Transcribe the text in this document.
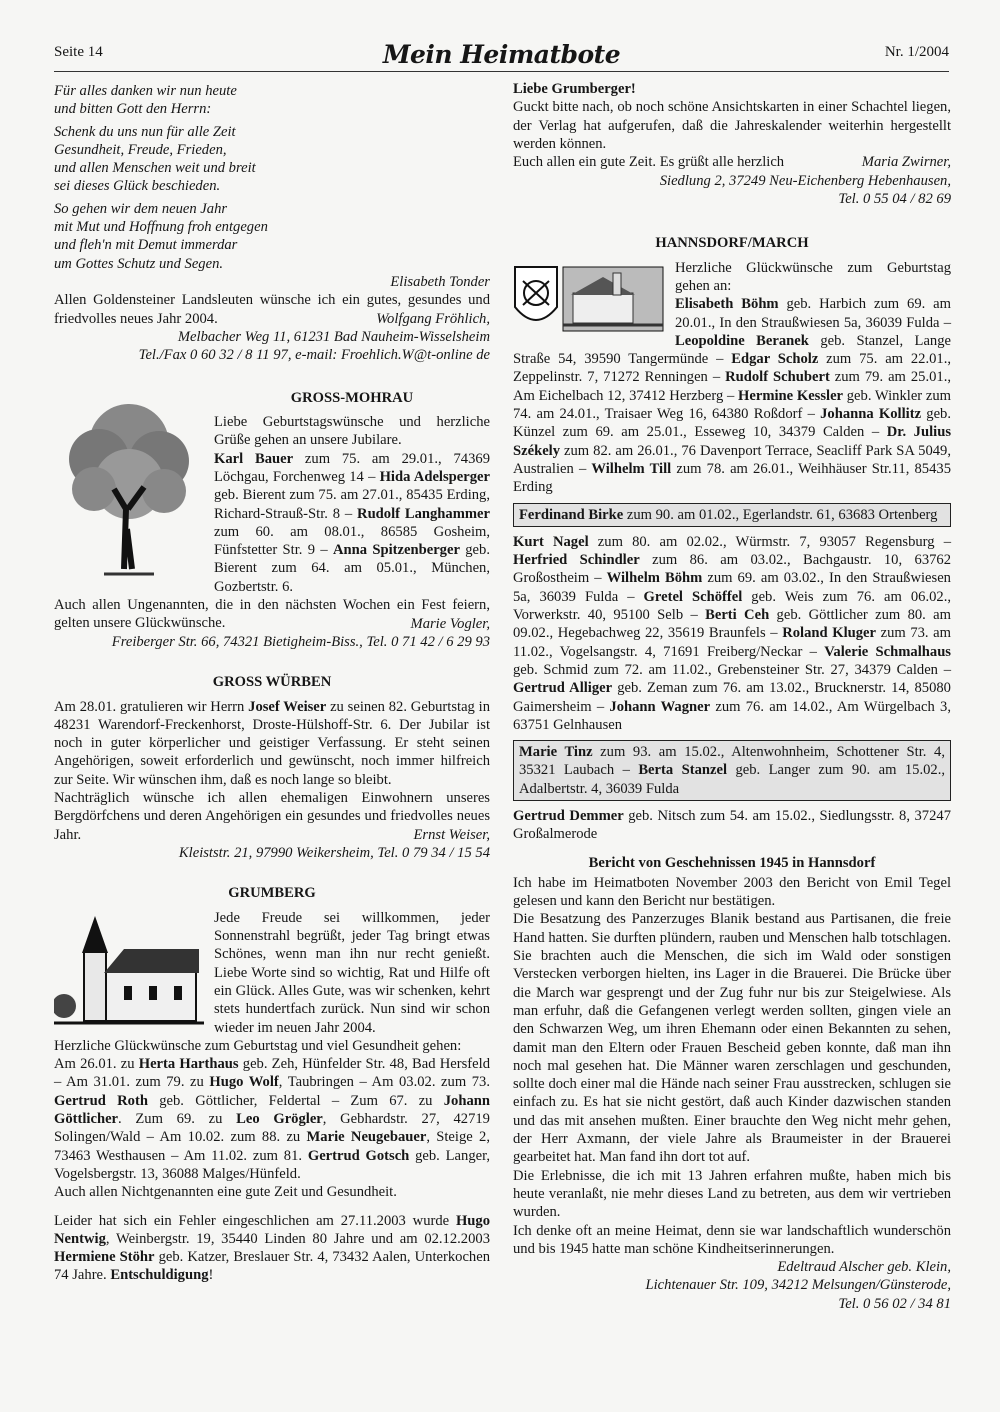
Seite 14	Mein Heimatbote	Nr. 1/2004
Für alles danken wir nun heute
und bitten Gott den Herrn:
Schenk du uns nun für alle Zeit
Gesundheit, Freude, Frieden,
und allen Menschen weit und breit
sei dieses Glück beschieden.
So gehen wir dem neuen Jahr
mit Mut und Hoffnung froh entgegen
und fleh'n mit Demut immerdar
um Gottes Schutz und Segen.

Elisabeth Tonder

Allen Goldensteiner Landsleuten wünsche ich ein gutes, gesundes und friedvolles neues Jahr 2004.	Wolfgang Fröhlich,

Melbacher Weg 11, 61231 Bad Nauheim-Wisselsheim

Tel./Fax 0 60 32 / 8 11 97, e-mail: Froehlich.W@t-online de

GROSS-MOHRAU

Liebe Geburtstagswünsche und herzliche Grüße gehen an unsere Jubilare.

Karl Bauer zum 75. am 29.01., 74369 Löchgau, Forchenweg 14 – Hida Adelsperger geb. Bierent zum 75. am 27.01., 85435 Erding, Richard-Strauß-Str. 8 – Rudolf Langhammer zum 60. am 08.01., 86585 Gosheim, Fünfstetter Str. 9 – Anna Spitzenberger geb. Bierent zum 64. am 05.01., München, Gozbertstr. 6.

Auch allen Ungenannten, die in den nächsten Wochen ein Fest feiern, gelten unsere Glückwünsche.	Marie Vogler,

Freiberger Str. 66, 74321 Bietigheim-Biss., Tel. 0 71 42 / 6 29 93

GROSS WÜRBEN

Am 28.01. gratulieren wir Herrn Josef Weiser zu seinen 82. Geburtstag in 48231 Warendorf-Freckenhorst, Droste-Hülshoff-Str. 6. Der Jubilar ist noch in guter körperlicher und geistiger Verfassung. Er steht seinen Angehörigen, soweit erforderlich und gewünscht, noch immer hilfreich zur Seite. Wir wünschen ihm, daß es noch lange so bleibt.

Nachträglich wünsche ich allen ehemaligen Einwohnern unseres Bergdörfchens und deren Angehörigen ein gesundes und friedvolles neues Jahr.	Ernst Weiser,

Kleiststr. 21, 97990 Weikersheim, Tel. 0 79 34 / 15 54

GRUMBERG

Jede Freude sei willkommen, jeder Sonnenstrahl begrüßt, jeder Tag bringt etwas Schönes, wenn man ihn nur recht genießt. Liebe Worte sind so wichtig, Rat und Hilfe oft ein Glück. Alles Gute, was wir schenken, kehrt stets hundertfach zurück. Nun sind wir schon wieder im neuen Jahr 2004.

Herzliche Glückwünsche zum Geburtstag und viel Gesundheit gehen:

Am 26.01. zu Herta Harthaus geb. Zeh, Hünfelder Str. 48, Bad Hersfeld – Am 31.01. zum 79. zu Hugo Wolf, Taubringen – Am 03.02. zum 73. Gertrud Roth geb. Göttlicher, Feldertal – Zum 67. zu Johann Göttlicher. Zum 69. zu Leo Grögler, Gebhardstr. 27, 42719 Solingen/Wald – Am 10.02. zum 88. zu Marie Neugebauer, Steige 2, 73463 Westhausen – Am 11.02. zum 81. Gertrud Gotsch geb. Langer, Vogelsbergstr. 13, 36088 Malges/Hünfeld.

Auch allen Nichtgenannten eine gute Zeit und Gesundheit.

Leider hat sich ein Fehler eingeschlichen am 27.11.2003 wurde Hugo Nentwig, Weinbergstr. 19, 35440 Linden 80 Jahre und am 02.12.2003 Hermiene Stöhr geb. Katzer, Breslauer Str. 4, 73432 Aalen, Unterkochen 74 Jahre. Entschuldigung!

Liebe Grumberger!

Guckt bitte nach, ob noch schöne Ansichtskarten in einer Schachtel liegen, der Verlag hat aufgerufen, daß die Jahreskalender weiterhin hergestellt werden können.

Euch allen ein gute Zeit. Es grüßt alle herzlich	Maria Zwirner,

Siedlung 2, 37249 Neu-Eichenberg Hebenhausen,

Tel. 0 55 04 / 82 69

HANNSDORF/MARCH

Herzliche Glückwünsche zum Geburtstag gehen an:

Elisabeth Böhm geb. Harbich zum 69. am 20.01., In den Straußwiesen 5a, 36039 Fulda – Leopoldine Beranek geb. Stanzel, Lange Straße 54, 39590 Tangermünde – Edgar Scholz zum 75. am 22.01., Zeppelinstr. 7, 71272 Renningen – Rudolf Schubert zum 79. am 25.01., Am Eichelbach 12, 37412 Herzberg – Hermine Kessler geb. Winkler zum 74. am 24.01., Traisaer Weg 16, 64380 Roßdorf – Johanna Kollitz geb. Künzel zum 69. am 25.01., Esseweg 10, 34379 Calden – Dr. Julius Székely zum 82. am 26.01., 76 Davenport Terrace, Seacliff Park SA 5049, Australien – Wilhelm Till zum 78. am 26.01., Weihhäuser Str.11, 85435 Erding

Ferdinand Birke zum 90. am 01.02., Egerlandstr. 61, 63683 Ortenberg

Kurt Nagel zum 80. am 02.02., Würmstr. 7, 93057 Regensburg – Herfried Schindler zum 86. am 03.02., Bachgaustr. 10, 63762 Großostheim – Wilhelm Böhm zum 69. am 03.02., In den Straußwiesen 5a, 36039 Fulda – Gretel Schöffel geb. Weis zum 76. am 06.02., Vorwerkstr. 40, 95100 Selb – Berti Ceh geb. Göttlicher zum 80. am 09.02., Hegebachweg 22, 35619 Braunfels – Roland Kluger zum 73. am 11.02., Vogelsangstr. 4, 71691 Freiberg/Neckar – Valerie Schmalhaus geb. Schmid zum 72. am 11.02., Grebensteiner Str. 27, 34379 Calden – Gertrud Alliger geb. Zeman zum 76. am 13.02., Brucknerstr. 14, 85080 Gaimersheim – Johann Wagner zum 76. am 14.02., Am Würgelbach 3, 63751 Gelnhausen

Marie Tinz zum 93. am 15.02., Altenwohnheim, Schottener Str. 4, 35321 Laubach – Berta Stanzel geb. Langer zum 90. am 15.02., Adalbertstr. 4, 36039 Fulda

Gertrud Demmer geb. Nitsch zum 54. am 15.02., Siedlungsstr. 8, 37247 Großalmerode

Bericht von Geschehnissen 1945 in Hannsdorf

Ich habe im Heimatboten November 2003 den Bericht von Emil Tegel gelesen und kann den Bericht nur bestätigen.

Die Besatzung des Panzerzuges Blanik bestand aus Partisanen, die freie Hand hatten. Sie durften plündern, rauben und Menschen halb totschlagen. Sie brachten auch die Menschen, die sich im Wald oder sonstigen Verstecken verborgen hielten, ins Lager in die Brauerei. Die Brücke über die March war gesprengt und der Zug fuhr nur bis zur Steigelwiese. Als man erfuhr, daß die Gefangenen verlegt werden sollten, gingen viele an den Schwarzen Weg, um ihren Ehemann oder einen Bekannten zu sehen, damit man den Eltern oder Frauen Bescheid geben konnte, daß man ihn noch mal gesehen hat. Die Männer waren zerschlagen und geschunden, sollte doch einer mal die Hände nach seiner Frau ausstrecken, schlugen sie einfach zu. Es hat sie nicht gestört, daß auch Kinder dazwischen standen und das mit ansehen mußten. Einer brauchte den Weg nicht mehr gehen, der Herr Axmann, der viele Jahre als Braumeister in der Brauerei gearbeitet hat. Man fand ihn dort tot auf.

Die Erlebnisse, die ich mit 13 Jahren erfahren mußte, haben mich bis heute veranlaßt, nie mehr dieses Land zu betreten, aus dem wir vertrieben wurden.

Ich denke oft an meine Heimat, denn sie war landschaftlich wunderschön und bis 1945 hatte man schöne Kindheitserinnerungen.

Edeltraud Alscher geb. Klein,

Lichtenauer Str. 109, 34212 Melsungen/Günsterode,

Tel. 0 56 02 / 34 81
